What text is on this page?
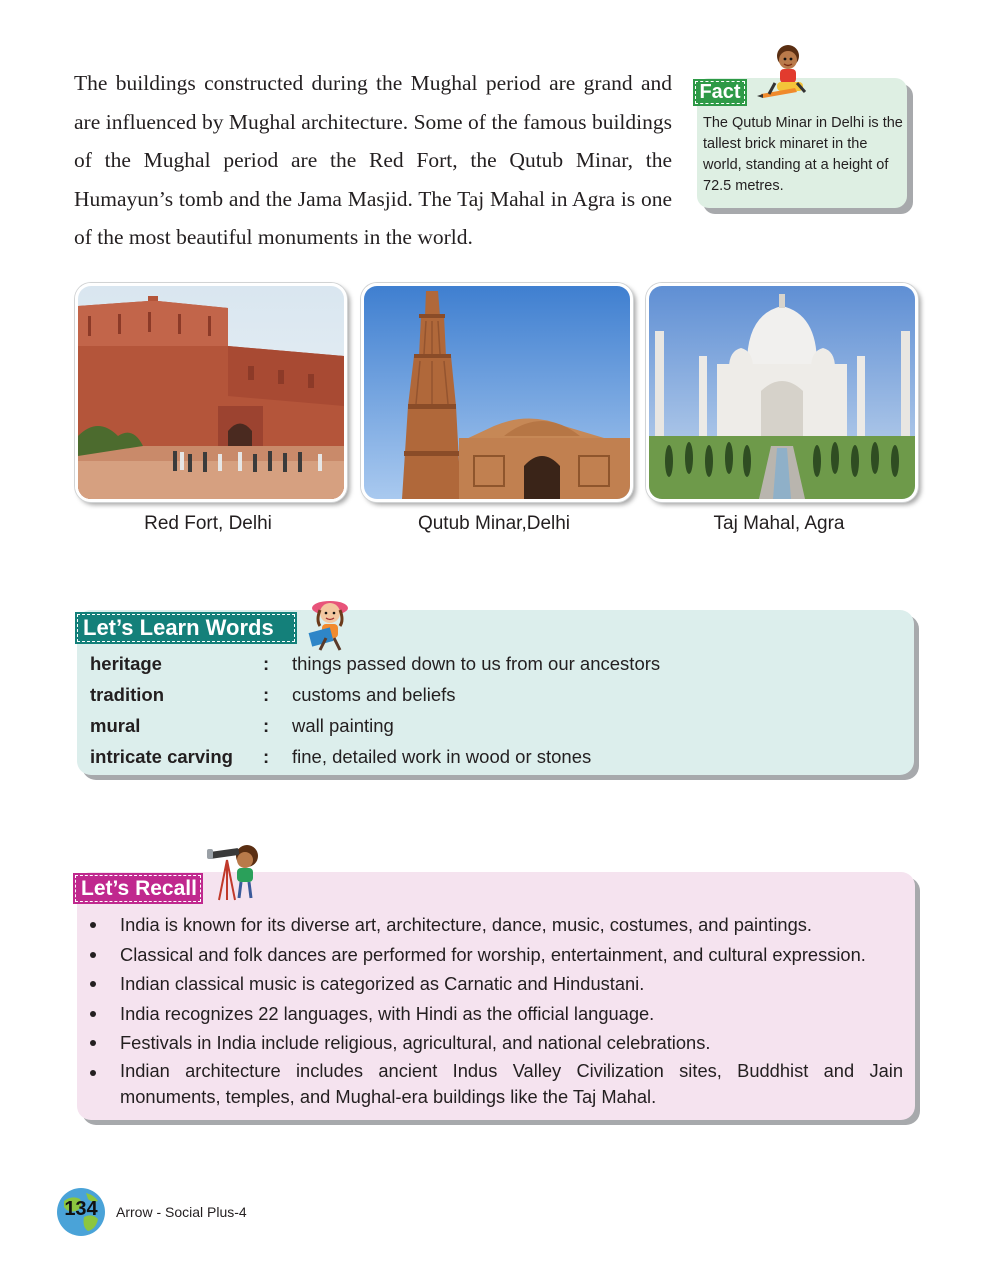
The buildings constructed during the Mughal period are grand and are influenced by Mughal architecture. Some of the famous buildings of the Mughal period are the Red Fort, the Qutub Minar, the Humayun’s tomb and the Jama Masjid. The Taj Mahal in Agra is one of the most beautiful monuments in the world.

Fact
The Qutub Minar in Delhi is the tallest brick minaret in the world, standing at a height of 72.5 metres.
Red Fort, Delhi	Qutub Minar,Delhi	Taj Mahal, Agra
Let’s Learn Words
heritage	: things passed down to us from our ancestors
tradition	: customs and beliefs
mural	: wall painting
intricate carving : fine, detailed work in wood or stones
Let’s Recall
India is known for its diverse art, architecture, dance, music, costumes, and paintings.
Classical and folk dances are performed for worship, entertainment, and cultural expression.
Indian classical music is categorized as Carnatic and Hindustani.
India recognizes 22 languages, with Hindi as the official language.
Festivals in India include religious, agricultural, and national celebrations.
Indian architecture includes ancient Indus Valley Civilization sites, Buddhist and Jain monuments, temples, and Mughal-era buildings like the Taj Mahal.
134	Arrow - Social Plus-4
